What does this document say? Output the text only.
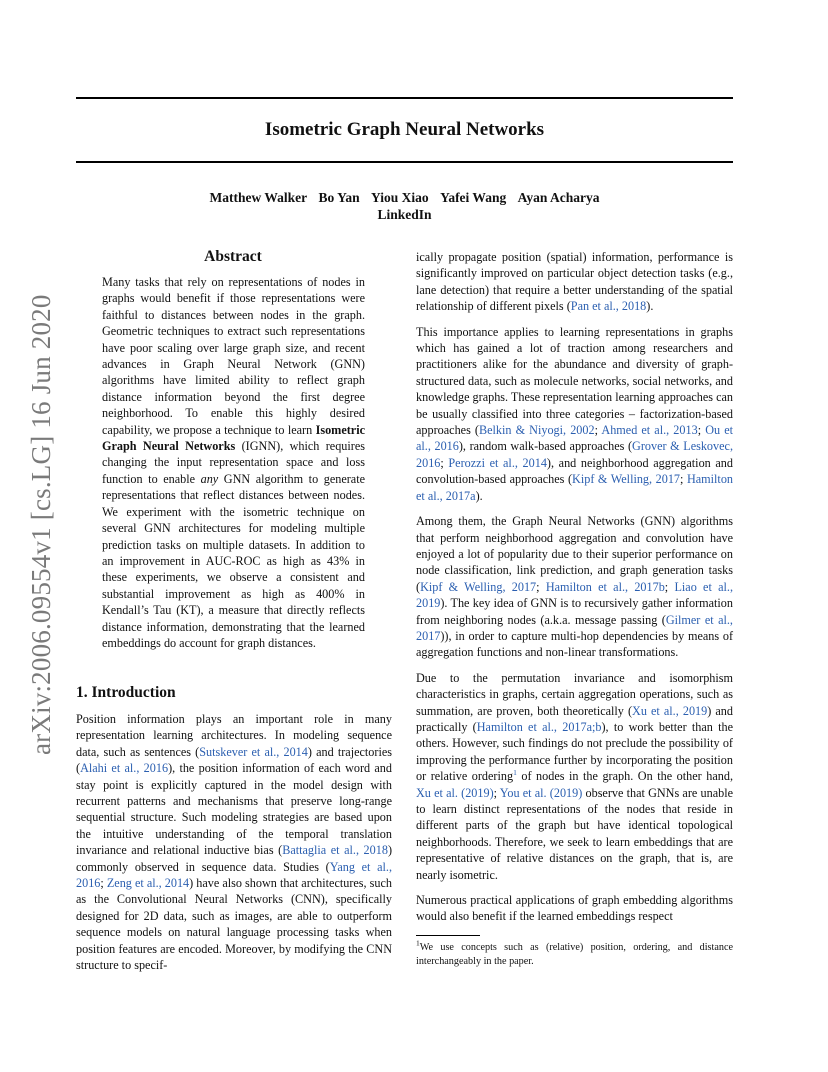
Isometric Graph Neural Networks
Matthew Walker Bo Yan Yiou Xiao Yafei Wang Ayan Acharya
LinkedIn
arXiv:2006.09554v1 [cs.LG] 16 Jun 2020
Abstract

Many tasks that rely on representations of nodes in graphs would benefit if those representations were faithful to distances between nodes in the graph. Geometric techniques to extract such representations have poor scaling over large graph size, and recent advances in Graph Neural Network (GNN) algorithms have limited ability to reflect graph distance information beyond the first degree neighborhood. To enable this highly desired capability, we propose a technique to learn Isometric Graph Neural Networks (IGNN), which requires changing the input representation space and loss function to enable any GNN algorithm to generate representations that reflect distances between nodes. We experiment with the isometric technique on several GNN architectures for modeling multiple prediction tasks on multiple datasets. In addition to an improvement in AUC-ROC as high as 43% in these experiments, we observe a consistent and substantial improvement as high as 400% in Kendall’s Tau (KT), a measure that directly reflects distance information, demonstrating that the learned embeddings do account for graph distances.

1. Introduction

Position information plays an important role in many representation learning architectures. In modeling sequence data, such as sentences (Sutskever et al., 2014) and trajectories (Alahi et al., 2016), the position information of each word and stay point is explicitly captured in the model design with recurrent patterns and mechanisms that preserve long-range sequential structure. Such modeling strategies are based upon the intuitive understanding of the temporal translation invariance and relational inductive bias (Battaglia et al., 2018) commonly observed in sequence data. Studies (Yang et al., 2016; Zeng et al., 2014) have also shown that architectures, such as the Convolutional Neural Networks (CNN), specifically designed for 2D data, such as images, are able to outperform sequence models on natural language processing tasks when position features are encoded. Moreover, by modifying the CNN structure to specif-

ically propagate position (spatial) information, performance is significantly improved on particular object detection tasks (e.g., lane detection) that require a better understanding of the spatial relationship of different pixels (Pan et al., 2018).

This importance applies to learning representations in graphs which has gained a lot of traction among researchers and practitioners alike for the abundance and diversity of graph-structured data, such as molecule networks, social networks, and knowledge graphs. These representation learning approaches can be usually classified into three categories – factorization-based approaches (Belkin & Niyogi, 2002; Ahmed et al., 2013; Ou et al., 2016), random walk-based approaches (Grover & Leskovec, 2016; Perozzi et al., 2014), and neighborhood aggregation and convolution-based approaches (Kipf & Welling, 2017; Hamilton et al., 2017a).

Among them, the Graph Neural Networks (GNN) algorithms that perform neighborhood aggregation and convolution have enjoyed a lot of popularity due to their superior performance on node classification, link prediction, and graph generation tasks (Kipf & Welling, 2017; Hamilton et al., 2017b; Liao et al., 2019). The key idea of GNN is to recursively gather information from neighboring nodes (a.k.a. message passing (Gilmer et al., 2017)), in order to capture multi-hop dependencies by means of aggregation functions and non-linear transformations.

Due to the permutation invariance and isomorphism characteristics in graphs, certain aggregation operations, such as summation, are proven, both theoretically (Xu et al., 2019) and practically (Hamilton et al., 2017a;b), to work better than the others. However, such findings do not preclude the possibility of improving the performance further by incorporating the position or relative ordering$^1$ of nodes in the graph. On the other hand, Xu et al. (2019); You et al. (2019) observe that GNNs are unable to learn distinct representations of the nodes that reside in different parts of the graph but have identical topological neighborhoods. Therefore, we seek to learn embeddings that are representative of relative distances on the graph, that is, are nearly isometric.

Numerous practical applications of graph embedding algorithms would also benefit if the learned embeddings respect

$^1$We use concepts such as (relative) position, ordering, and distance interchangeably in the paper.
